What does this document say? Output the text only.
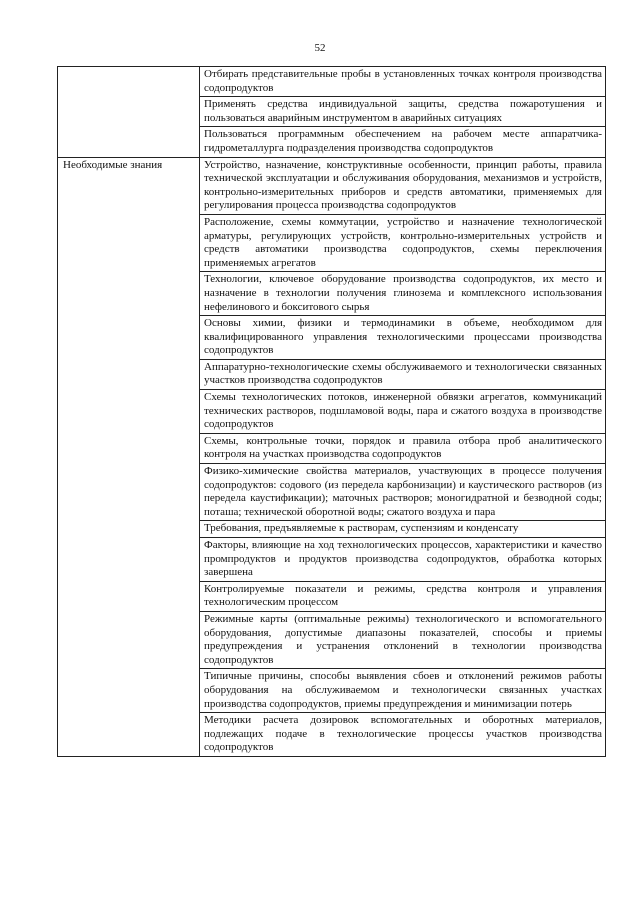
52
	Отбирать представительные пробы в установленных точках контроля производства содопродуктов
	Применять средства индивидуальной защиты, средства пожаротушения и пользоваться аварийным инструментом в аварийных ситуациях
	Пользоваться программным обеспечением на рабочем месте аппаратчика-гидрометаллурга подразделения производства содопродуктов
Необходимые знания	Устройство, назначение, конструктивные особенности, принцип работы, правила технической эксплуатации и обслуживания оборудования, механизмов и устройств, контрольно-измерительных приборов и средств автоматики, применяемых для регулирования процесса производства содопродуктов
	Расположение, схемы коммутации, устройство и назначение технологической арматуры, регулирующих устройств, контрольно-измерительных устройств и средств автоматики производства содопродуктов, схемы переключения применяемых агрегатов
	Технологии, ключевое оборудование производства содопродуктов, их место и назначение в технологии получения глинозема и комплексного использования нефелинового и бокситового сырья
	Основы химии, физики и термодинамики в объеме, необходимом для квалифицированного управления технологическими процессами производства содопродуктов
	Аппаратурно-технологические схемы обслуживаемого и технологически связанных участков производства содопродуктов
	Схемы технологических потоков, инженерной обвязки агрегатов, коммуникаций технических растворов, подшламовой воды, пара и сжатого воздуха в производстве содопродуктов
	Схемы, контрольные точки, порядок и правила отбора проб аналитического контроля на участках производства содопродуктов
	Физико-химические свойства материалов, участвующих в процессе получения содопродуктов: содового (из передела карбонизации) и каустического растворов (из передела каустификации); маточных растворов; моногидратной и безводной соды; поташа; технической оборотной воды; сжатого воздуха и пара
	Требования, предъявляемые к растворам, суспензиям и конденсату
	Факторы, влияющие на ход технологических процессов, характеристики и качество промпродуктов и продуктов производства содопродуктов, обработка которых завершена
	Контролируемые показатели и режимы, средства контроля и управления технологическим процессом
	Режимные карты (оптимальные режимы) технологического и вспомогательного оборудования, допустимые диапазоны показателей, способы и приемы предупреждения и устранения отклонений в технологии производства содопродуктов
	Типичные причины, способы выявления сбоев и отклонений режимов работы оборудования на обслуживаемом и технологически связанных участках производства содопродуктов, приемы предупреждения и минимизации потерь
	Методики расчета дозировок вспомогательных и оборотных материалов, подлежащих подаче в технологические процессы участков производства содопродуктов
